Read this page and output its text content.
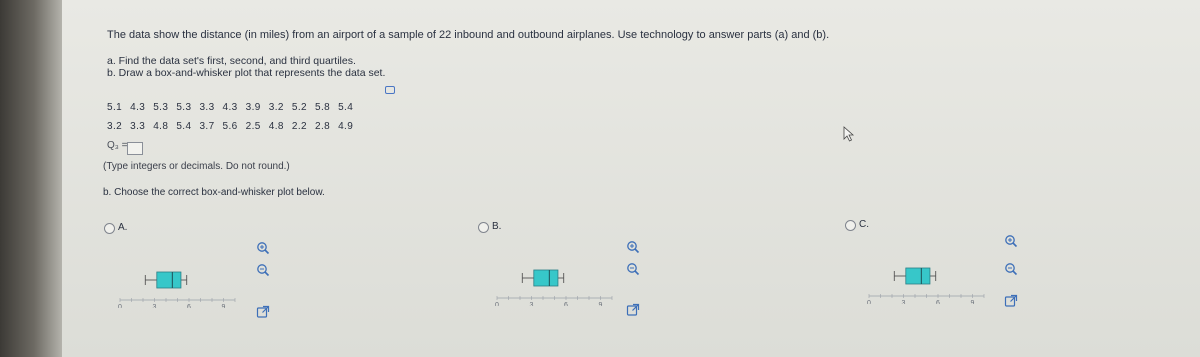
The data show the distance (in miles) from an airport of a sample of 22 inbound and outbound airplanes. Use technology to answer parts (a) and (b).
a. Find the data set's first, second, and third quartiles.
b. Draw a box-and-whisker plot that represents the data set.
5.1 4.3 5.3 5.3 3.3 4.3 3.9 3.2 5.2 5.8 5.4
3.2 3.3 4.8 5.4 3.7 5.6 2.5 4.8 2.2 2.8 4.9
Q₃ =
(Type integers or decimals. Do not round.)
b. Choose the correct box-and-whisker plot below.
A.
0	3	6	9
B.
0	3	6	9
C.
0	3	6	9
